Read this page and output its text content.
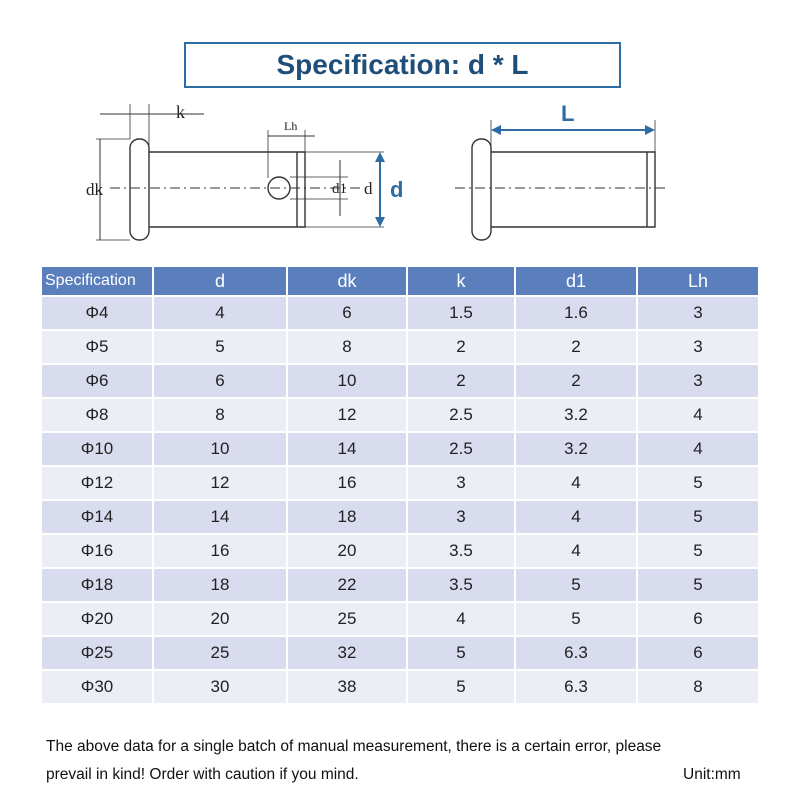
Specification: d * L
k
Lh
dk	d1 d d
L
Specification	d	dk	k	d1	Lh
Φ4	4	6	1.5	1.6	3
Φ5	5	8	2	2	3
Φ6	6	10	2	2	3
Φ8	8	12	2.5	3.2	4
Φ10	10	14	2.5	3.2	4
Φ12	12	16	3	4	5
Φ14	14	18	3	4	5
Φ16	16	20	3.5	4	5
Φ18	18	22	3.5	5	5
Φ20	20	25	4	5	6
Φ25	25	32	5	6.3	6
Φ30	30	38	5	6.3	8
The above data for a single batch of manual measurement, there is a certain error, please
prevail in kind! Order with caution if you mind.	Unit:mm
